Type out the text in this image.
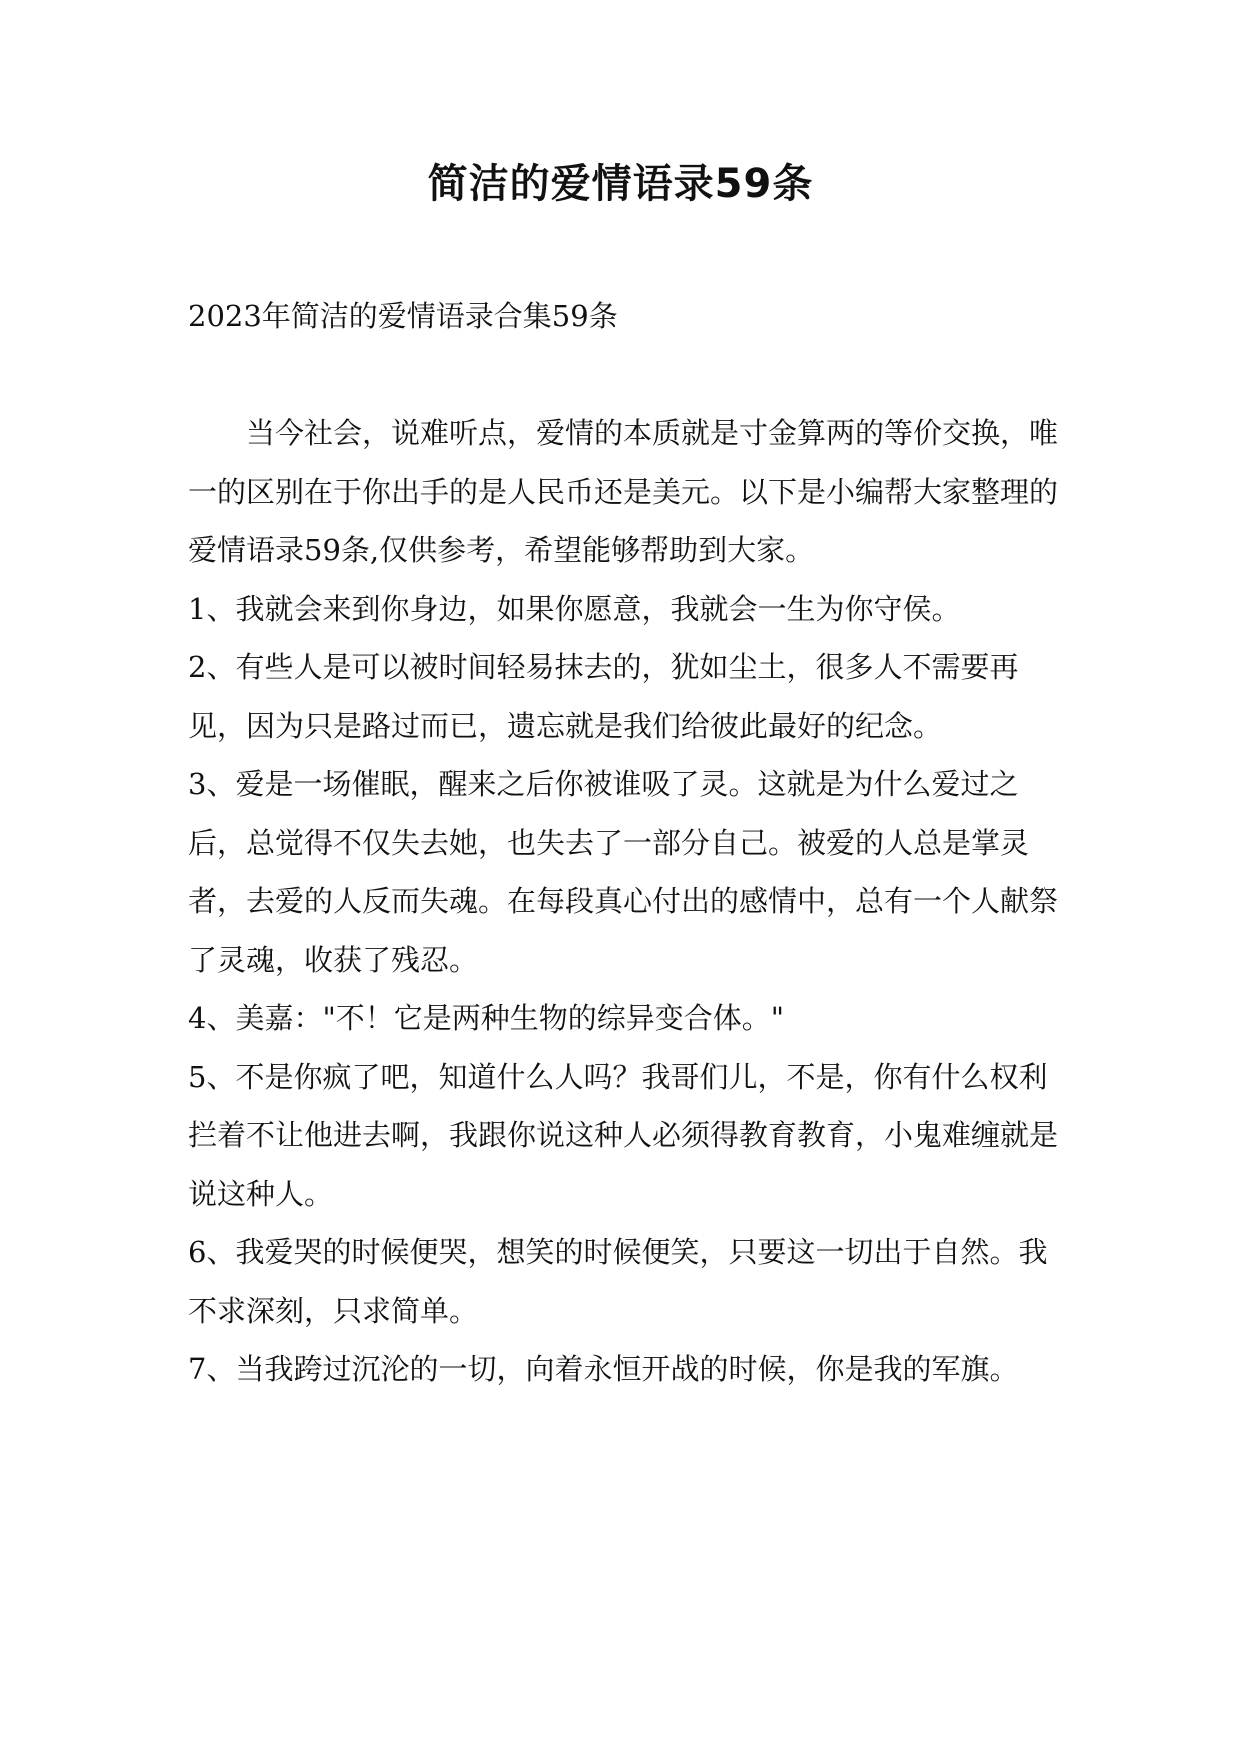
简洁的爱情语录59条

2023年简洁的爱情语录合集59条

当今社会，说难听点，爱情的本质就是寸金算两的等价交换，唯一的区别在于你出手的是人民币还是美元。以下是小编帮大家整理的爱情语录59条,仅供参考，希望能够帮助到大家。

1、我就会来到你身边，如果你愿意，我就会一生为你守侯。

2、有些人是可以被时间轻易抹去的，犹如尘土，很多人不需要再见，因为只是路过而已，遗忘就是我们给彼此最好的纪念。

3、爱是一场催眠，醒来之后你被谁吸了灵。这就是为什么爱过之后，总觉得不仅失去她，也失去了一部分自己。被爱的人总是掌灵者，去爱的人反而失魂。在每段真心付出的感情中，总有一个人献祭了灵魂，收获了残忍。

4、美嘉："不！它是两种生物的综异变合体。"

5、不是你疯了吧，知道什么人吗？我哥们儿，不是，你有什么权利拦着不让他进去啊，我跟你说这种人必须得教育教育，小鬼难缠就是说这种人。

6、我爱哭的时候便哭，想笑的时候便笑，只要这一切出于自然。我不求深刻，只求简单。

7、当我跨过沉沦的一切，向着永恒开战的时候，你是我的军旗。
